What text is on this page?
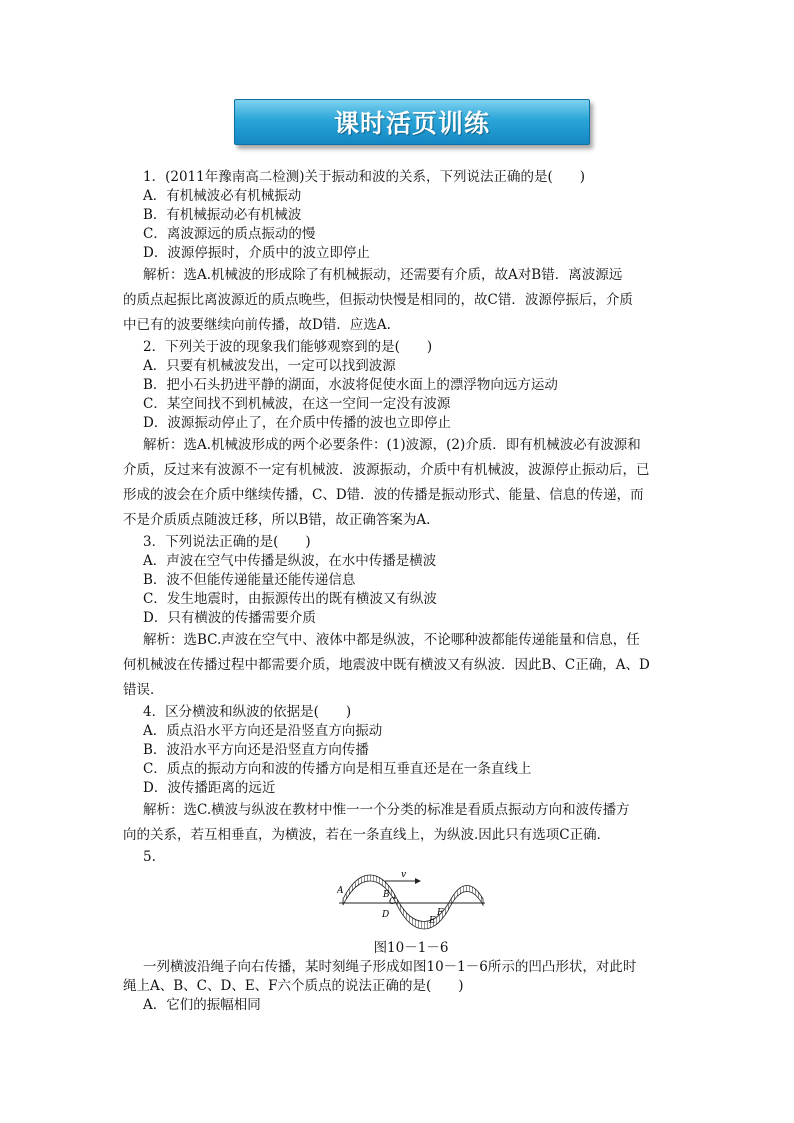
课时活页训练
1．(2011年豫南高二检测)关于振动和波的关系，下列说法正确的是(　　)
A．有机械波必有机械振动
B．有机械振动必有机械波
C．离波源远的质点振动的慢
D．波源停振时，介质中的波立即停止
解析：选A.机械波的形成除了有机械振动，还需要有介质，故A对B错．离波源远
的质点起振比离波源近的质点晚些，但振动快慢是相同的，故C错．波源停振后，介质
中已有的波要继续向前传播，故D错．应选A.
2．下列关于波的现象我们能够观察到的是(　　)
A．只要有机械波发出，一定可以找到波源
B．把小石头扔进平静的湖面，水波将促使水面上的漂浮物向远方运动
C．某空间找不到机械波，在这一空间一定没有波源
D．波源振动停止了，在介质中传播的波也立即停止
解析：选A.机械波形成的两个必要条件：(1)波源，(2)介质．即有机械波必有波源和
介质，反过来有波源不一定有机械波．波源振动，介质中有机械波，波源停止振动后，已
形成的波会在介质中继续传播，C、D错．波的传播是振动形式、能量、信息的传递，而
不是介质质点随波迁移，所以B错，故正确答案为A.
3．下列说法正确的是(　　)
A．声波在空气中传播是纵波，在水中传播是横波
B．波不但能传递能量还能传递信息
C．发生地震时，由振源传出的既有横波又有纵波
D．只有横波的传播需要介质
解析：选BC.声波在空气中、液体中都是纵波，不论哪种波都能传递能量和信息，任
何机械波在传播过程中都需要介质，地震波中既有横波又有纵波．因此B、C正确，A、D
错误．
4．区分横波和纵波的依据是(　　)
A．质点沿水平方向还是沿竖直方向振动
B．波沿水平方向还是沿竖直方向传播
C．质点的振动方向和波的传播方向是相互垂直还是在一条直线上
D．波传播距离的远近
解析：选C.横波与纵波在教材中惟一一个分类的标准是看质点振动方向和波传播方
向的关系，若互相垂直，为横波，若在一条直线上，为纵波.因此只有选项C正确．
5.
v
A	B
C
D
E
F
图10－1－6
一列横波沿绳子向右传播，某时刻绳子形成如图10－1－6所示的凹凸形状，对此时
绳上A、B、C、D、E、F六个质点的说法正确的是(　　)
A．它们的振幅相同
